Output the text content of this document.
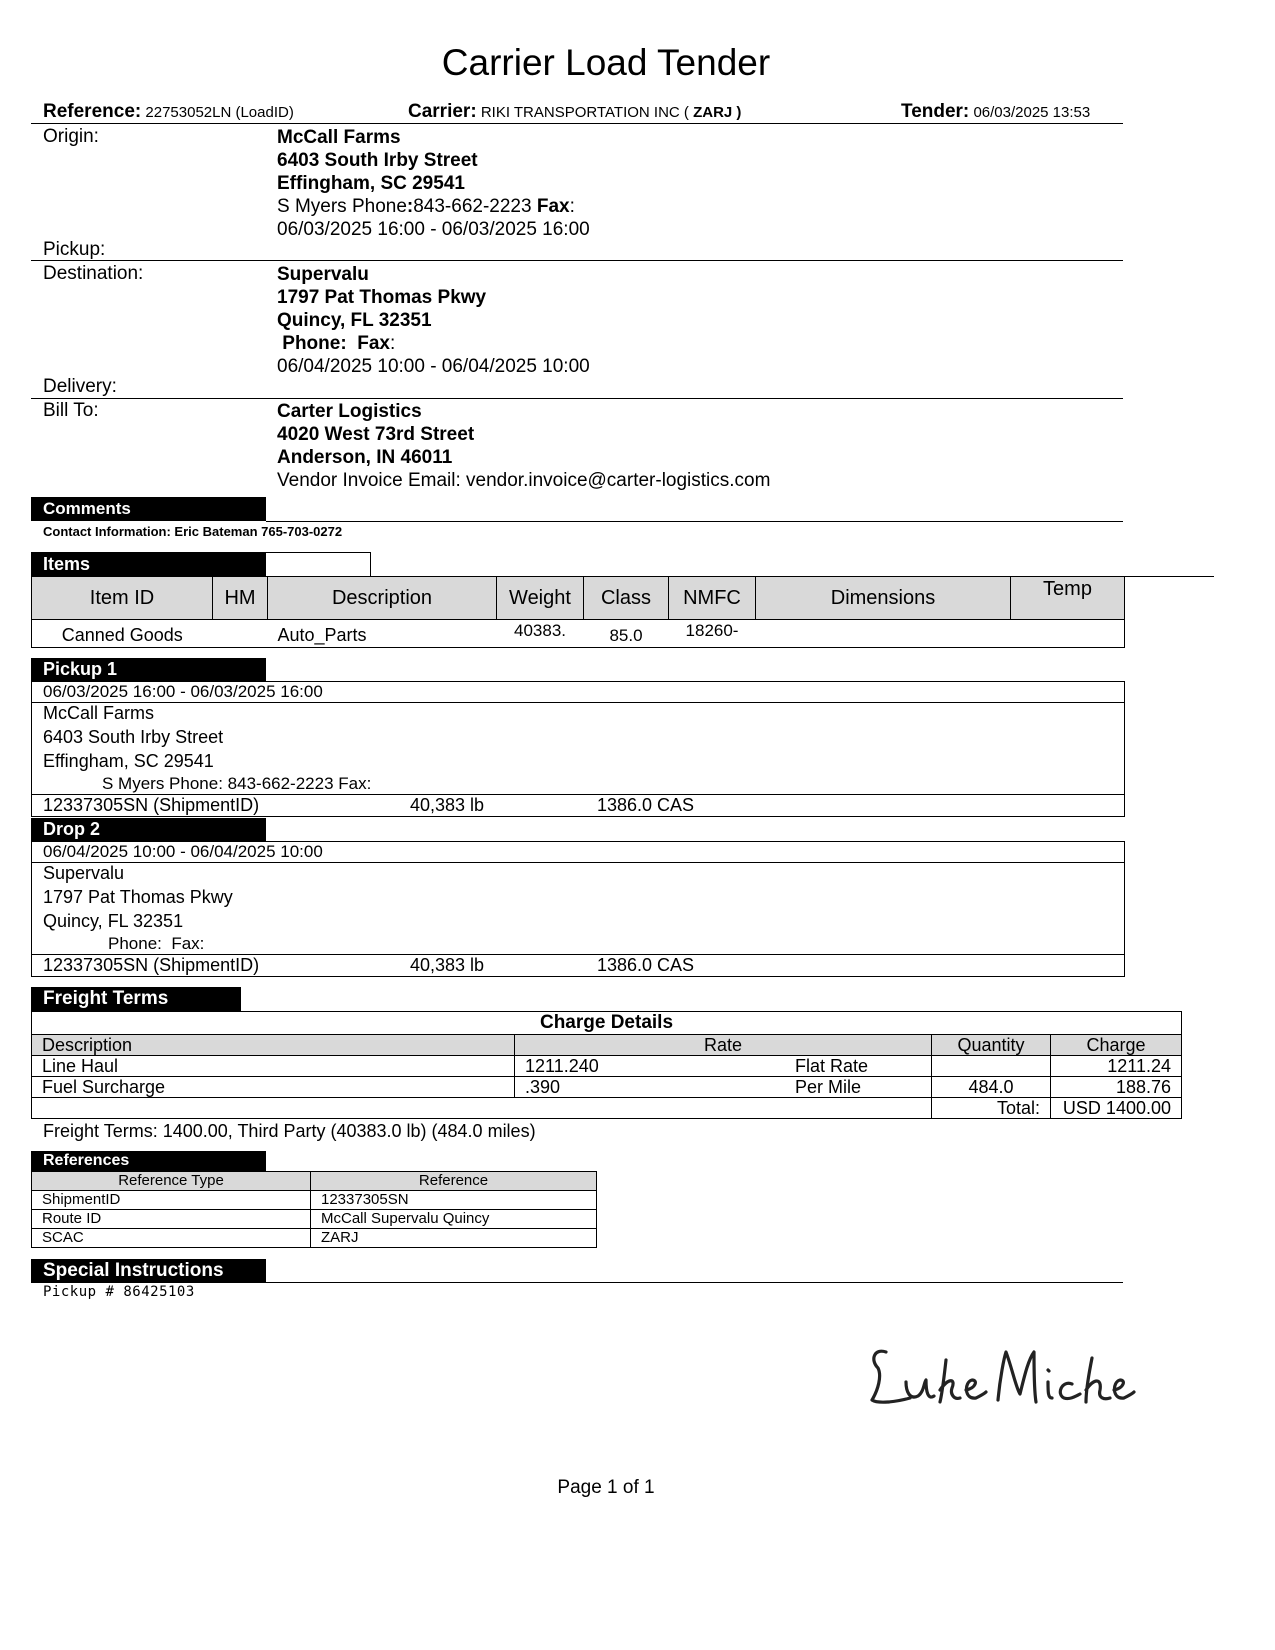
Carrier Load Tender
Reference: 22753052LN (LoadID)	Carrier: RIKI TRANSPORTATION INC ( ZARJ )	Tender: 06/03/2025 13:53
Origin:	McCall Farms
6403 South Irby Street
Effingham, SC 29541
S Myers Phone:843-662-2223 Fax:
06/03/2025 16:00 - 06/03/2025 16:00
Pickup:
Destination:	Supervalu
1797 Pat Thomas Pkwy
Quincy, FL 32351
Phone: Fax:
06/04/2025 10:00 - 06/04/2025 10:00
Delivery:
Bill To:	Carter Logistics
4020 West 73rd Street
Anderson, IN 46011
Vendor Invoice Email: vendor.invoice@carter-logistics.com
Comments
Contact Information: Eric Bateman 765-703-0272
Items
Item ID	HM	Description	Weight	Class	NMFC	Dimensions	Temp
Canned Goods		Auto_Parts	40383.	85.0	18260-		
Pickup 1
06/03/2025 16:00 - 06/03/2025 16:00
McCall Farms
6403 South Irby Street
Effingham, SC 29541
S Myers Phone: 843-662-2223 Fax:
12337305SN (ShipmentID)	40,383 lb	1386.0 CAS
Drop 2
06/04/2025 10:00 - 06/04/2025 10:00
Supervalu
1797 Pat Thomas Pkwy
Quincy, FL 32351
Phone:  Fax:
12337305SN (ShipmentID)	40,383 lb	1386.0 CAS
Freight Terms
Charge Details				
Description	Rate		Quantity	Charge
Line Haul	1211.240	Flat Rate		1211.24
Fuel Surcharge	.390	Per Mile	484.0	188.76
			Total:	USD 1400.00
Freight Terms: 1400.00, Third Party (40383.0 lb) (484.0 miles)
References
Reference Type	Reference
ShipmentID	12337305SN
Route ID	McCall Supervalu Quincy
SCAC	ZARJ
Special Instructions
Pickup # 86425103
Page 1 of 1
